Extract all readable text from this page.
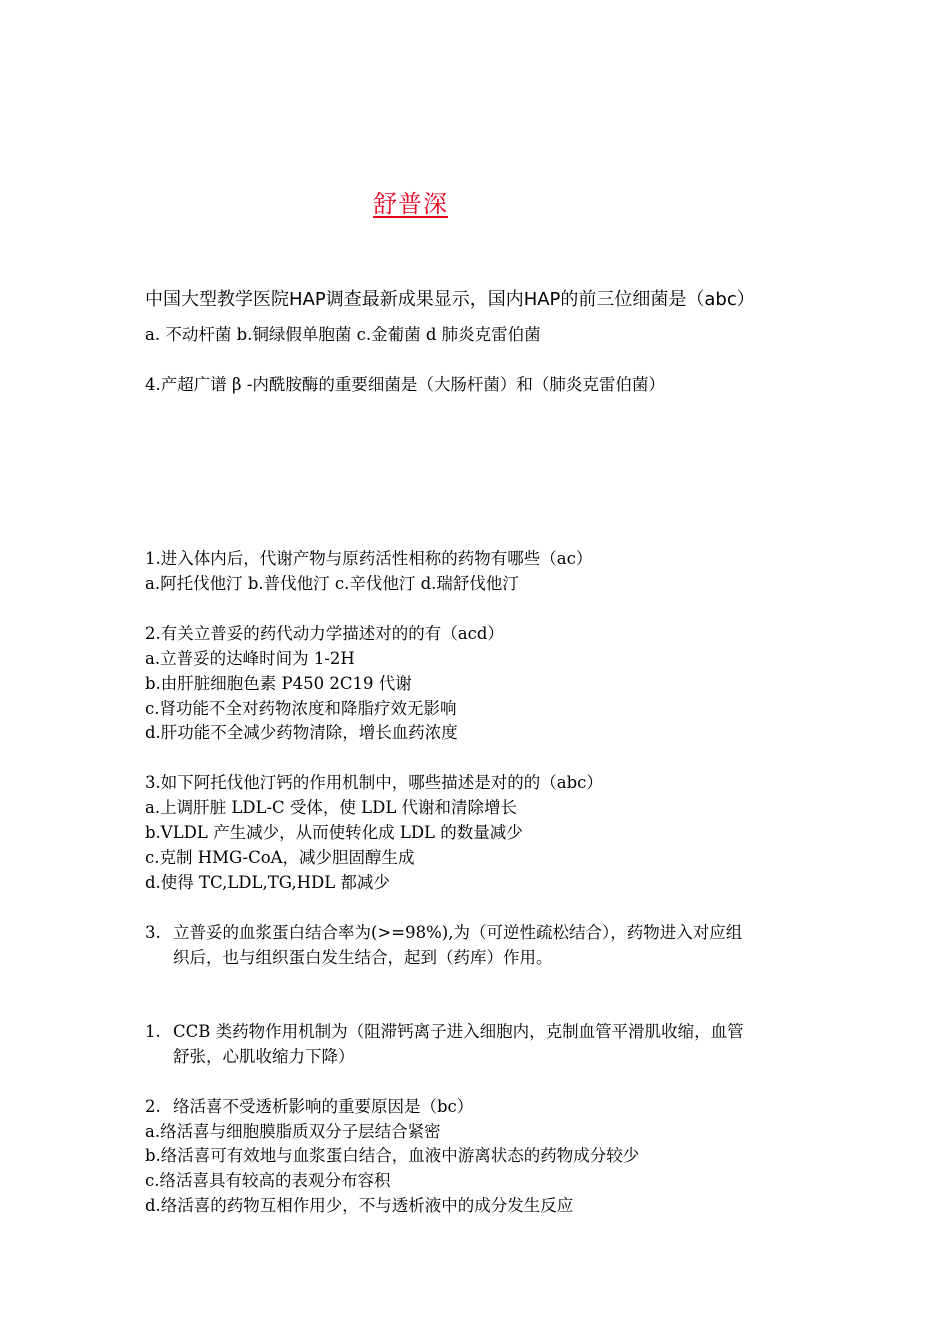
舒普深
中国大型教学医院HAP调查最新成果显示，国内HAP的前三位细菌是（abc）
a. 不动杆菌 b.铜绿假单胞菌 c.金葡菌 d 肺炎克雷伯菌
4.产超广谱 β -内酰胺酶的重要细菌是（大肠杆菌）和（肺炎克雷伯菌）
1.进入体内后，代谢产物与原药活性相称的药物有哪些（ac）
a.阿托伐他汀 b.普伐他汀 c.辛伐他汀 d.瑞舒伐他汀
2.有关立普妥的药代动力学描述对的的有（acd）
a.立普妥的达峰时间为 1-2H
b.由肝脏细胞色素 P450 2C19 代谢
c.肾功能不全对药物浓度和降脂疗效无影响
d.肝功能不全减少药物清除，增长血药浓度
3.如下阿托伐他汀钙的作用机制中，哪些描述是对的的（abc）
a.上调肝脏 LDL-C 受体，使 LDL 代谢和清除增长
b.VLDL 产生减少，从而使转化成 LDL 的数量减少
c.克制 HMG-CoA，减少胆固醇生成
d.使得 TC,LDL,TG,HDL 都减少
3. 立普妥的血浆蛋白结合率为(>=98%),为（可逆性疏松结合），药物进入对应组
织后，也与组织蛋白发生结合，起到（药库）作用。
1. CCB 类药物作用机制为（阻滞钙离子进入细胞内，克制血管平滑肌收缩，血管
舒张，心肌收缩力下降）
2. 络活喜不受透析影响的重要原因是（bc）
a.络活喜与细胞膜脂质双分子层结合紧密
b.络活喜可有效地与血浆蛋白结合，血液中游离状态的药物成分较少
c.络活喜具有较高的表观分布容积
d.络活喜的药物互相作用少，不与透析液中的成分发生反应
